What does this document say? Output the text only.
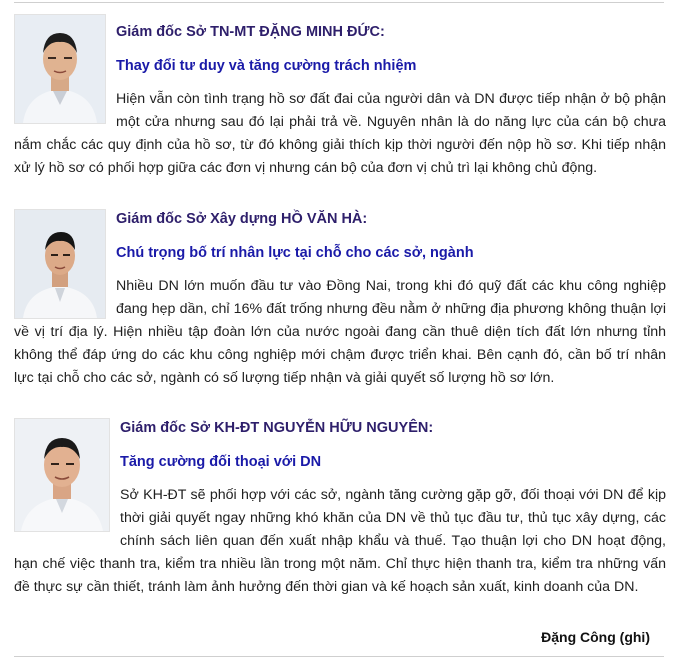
Giám đốc Sở TN-MT ĐẶNG MINH ĐỨC:
Thay đổi tư duy và tăng cường trách nhiệm

Hiện vẫn còn tình trạng hồ sơ đất đai của người dân và DN được tiếp nhận ở bộ phận một cửa nhưng sau đó lại phải trả về. Nguyên nhân là do năng lực của cán bộ chưa nắm chắc các quy định của hồ sơ, từ đó không giải thích kịp thời người đến nộp hồ sơ. Khi tiếp nhận xử lý hồ sơ có phối hợp giữa các đơn vị nhưng cán bộ của đơn vị chủ trì lại không chủ động.

Giám đốc Sở Xây dựng HỒ VĂN HÀ:
Chú trọng bố trí nhân lực tại chỗ cho các sở, ngành

Nhiều DN lớn muốn đầu tư vào Đồng Nai, trong khi đó quỹ đất các khu công nghiệp đang hẹp dần, chỉ 16% đất trống nhưng đều nằm ở những địa phương không thuận lợi về vị trí địa lý. Hiện nhiều tập đoàn lớn của nước ngoài đang cần thuê diện tích đất lớn nhưng tỉnh không thể đáp ứng do các khu công nghiệp mới chậm được triển khai. Bên cạnh đó, cần bố trí nhân lực tại chỗ cho các sở, ngành có số lượng tiếp nhận và giải quyết số lượng hồ sơ lớn.

Giám đốc Sở KH-ĐT NGUYỄN HỮU NGUYÊN:
Tăng cường đối thoại với DN

Sở KH-ĐT sẽ phối hợp với các sở, ngành tăng cường gặp gỡ, đối thoại với DN để kịp thời giải quyết ngay những khó khăn của DN về thủ tục đầu tư, thủ tục xây dựng, các chính sách liên quan đến xuất nhập khẩu và thuế. Tạo thuận lợi cho DN hoạt động, hạn chế việc thanh tra, kiểm tra nhiều lần trong một năm. Chỉ thực hiện thanh tra, kiểm tra những vấn đề thực sự cần thiết, tránh làm ảnh hưởng đến thời gian và kế hoạch sản xuất, kinh doanh của DN.

Đặng Công (ghi)
